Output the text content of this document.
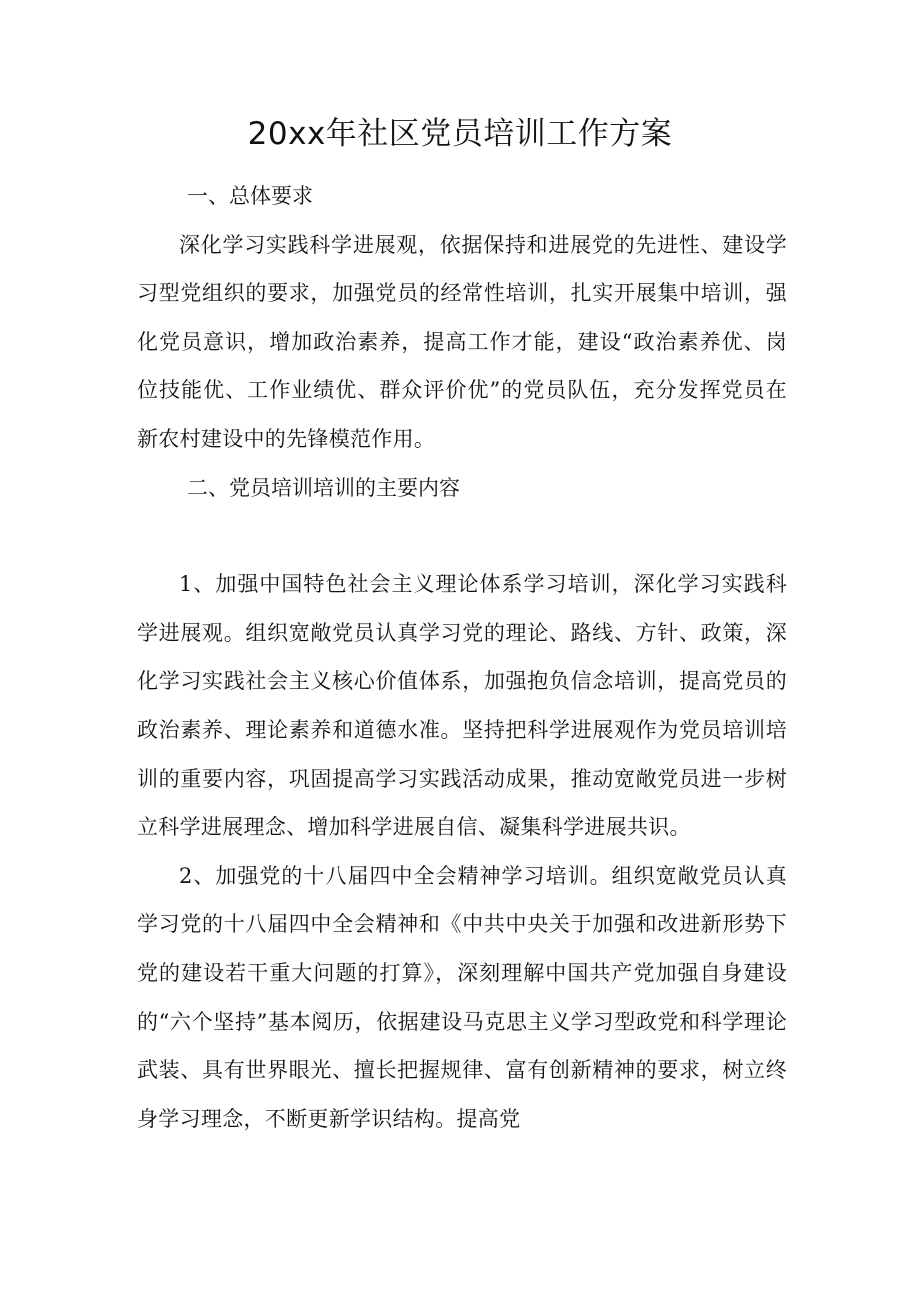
20xx年社区党员培训工作方案

一、总体要求

深化学习实践科学进展观，依据保持和进展党的先进性、建设学习型党组织的要求，加强党员的经常性培训，扎实开展集中培训，强化党员意识，增加政治素养，提高工作才能，建设“政治素养优、岗位技能优、工作业绩优、群众评价优”的党员队伍，充分发挥党员在新农村建设中的先锋模范作用。

二、党员培训培训的主要内容

1、加强中国特色社会主义理论体系学习培训，深化学习实践科学进展观。组织宽敞党员认真学习党的理论、路线、方针、政策，深化学习实践社会主义核心价值体系，加强抱负信念培训，提高党员的政治素养、理论素养和道德水准。坚持把科学进展观作为党员培训培训的重要内容，巩固提高学习实践活动成果，推动宽敞党员进一步树立科学进展理念、增加科学进展自信、凝集科学进展共识。

2、加强党的十八届四中全会精神学习培训。组织宽敞党员认真学习党的十八届四中全会精神和《中共中央关于加强和改进新形势下党的建设若干重大问题的打算》，深刻理解中国共产党加强自身建设的“六个坚持”基本阅历，依据建设马克思主义学习型政党和科学理论武装、具有世界眼光、擅长把握规律、富有创新精神的要求，树立终身学习理念，不断更新学识结构。提高党
